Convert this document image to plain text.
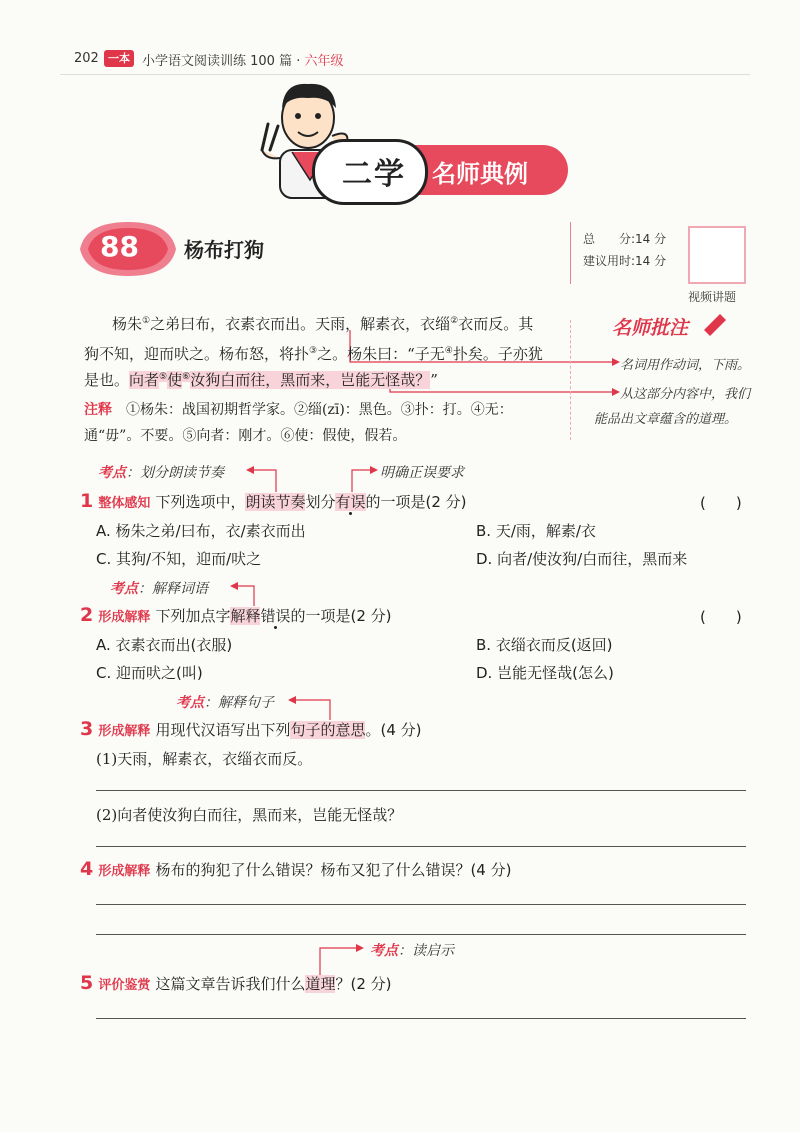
202 一本 小学语文阅读训练 100 篇 · 六年级
二学	名师典例
88 杨布打狗	总　　分:14 分
建议用时:14 分
视频讲题
杨朱①之弟曰布，衣素衣而出。天雨，解素衣，衣缁②衣而反。其
狗不知，迎而吠之。杨布怒，将扑③之。杨朱曰：“子无④扑矣。子亦犹
是也。向者⑤使⑥汝狗白而往，黑而来，岂能无怪哉？”
注释　 ①杨朱：战国初期哲学家。②缁(zī)：黑色。③扑：打。④无：
通“毋”。不要。⑤向者：刚才。⑥使：假使，假若。
名师批注
名词用作动词，下雨。
从这部分内容中，我们
能品出文章蕴含的道理。
考点：划分朗读节奏	明确正误要求
1 整体感知 下列选项中，朗读节奏划分有误的一项是(2 分)	(　　)
A. 杨朱之弟/曰布，衣/素衣而出	B. 天/雨，解素/衣
C. 其狗/不知，迎而/吠之	D. 向者/使汝狗/白而往，黑而来
考点：解释词语
2 形成解释 下列加点字解释错误的一项是(2 分)	(　　)
A. 衣素衣而出(衣服)	B. 衣缁衣而反(返回)
C. 迎而吠之(叫)	D. 岂能无怪哉(怎么)
考点：解释句子
3 形成解释 用现代汉语写出下列句子的意思。(4 分)
(1)天雨，解素衣，衣缁衣而反。
(2)向者使汝狗白而往，黑而来，岂能无怪哉？
4 形成解释 杨布的狗犯了什么错误？杨布又犯了什么错误？(4 分)
考点：读启示
5 评价鉴赏 这篇文章告诉我们什么道理？(2 分)
